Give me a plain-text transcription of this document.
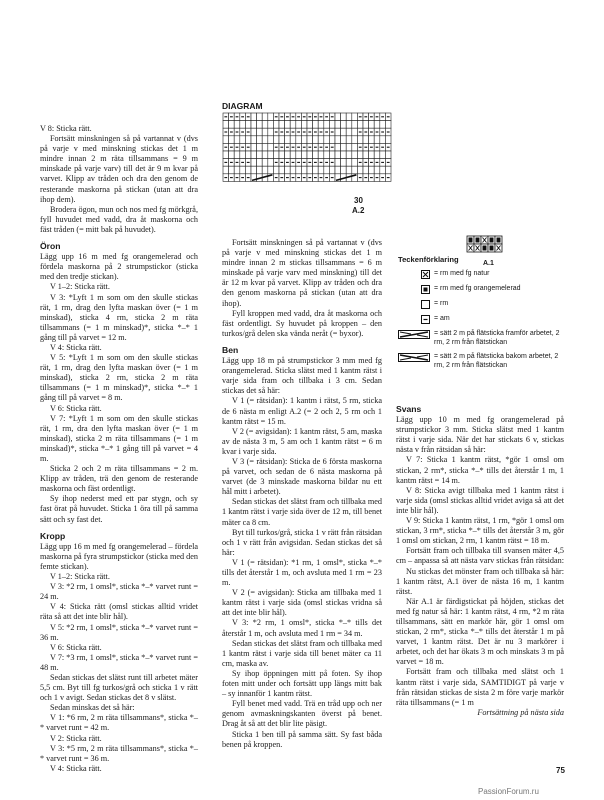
V 8: Sticka rätt.

Fortsätt minskningen så på vartannat v (dvs på varje v med minskning stickas det 1 m mindre innan 2 m räta tillsammans = 9 m minskade på varje varv) till det är 9 m kvar på varvet. Klipp av tråden och dra den genom de resterande maskorna på stickan (utan att dra ihop dem).

Brodera ögon, mun och nos med fg mörkgrå, fyll huvudet med vadd, dra åt maskorna och fäst tråden (= mitt bak på huvudet).

Öron

Lägg upp 16 m med fg orangemelerad och fördela maskorna på 2 strumpstickor (sticka med den tredje stickan).

V 1–2: Sticka rätt.

V 3: *Lyft 1 m som om den skulle stickas rät, 1 rm, drag den lyfta maskan över (= 1 m minskad), sticka 4 rm, sticka 2 m räta tillsammans (= 1 m minskad)*, sticka *–* 1 gång till på varvet = 12 m.

V 4: Sticka rätt.

V 5: *Lyft 1 m som om den skulle stickas rät, 1 rm, drag den lyfta maskan över (= 1 m minskad), sticka 2 rm, sticka 2 m räta tillsammans (= 1 m minskad)*, sticka *–* 1 gång till på varvet = 8 m.

V 6: Sticka rätt.

V 7: *Lyft 1 m som om den skulle stickas rät, 1 rm, dra den lyfta maskan över (= 1 m minskad), sticka 2 m räta tillsammans (= 1 m minskad)*, sticka *–* 1 gång till på varvet = 4 m.

Sticka 2 och 2 m räta tillsammans = 2 m. Klipp av tråden, trä den genom de resterande maskorna och fäst ordentligt.

Sy ihop nederst med ett par stygn, och sy fast örat på huvudet. Sticka 1 öra till på samma sätt och sy fast det.

Kropp

Lägg upp 16 m med fg orangemelerad – fördela maskorna på fyra strumpstickor (sticka med den femte stickan).

V 1–2: Sticka rätt.

V 3: *2 rm, 1 omsl*, sticka *–* varvet runt = 24 m.

V 4: Sticka rätt (omsl stickas alltid vridet räta så att det inte blir hål).

V 5: *2 rm, 1 omsl*, sticka *–* varvet runt = 36 m.

V 6: Sticka rätt.

V 7: *3 rm, 1 omsl*, sticka *–* varvet runt = 48 m.

Sedan stickas det slätst runt till arbetet mäter 5,5 cm. Byt till fg turkos/grå och sticka 1 v rätt och 1 v avigt. Sedan stickas det 8 v slätst.

Sedan minskas det så här:

V 1: *6 rm, 2 m räta tillsammans*, sticka *–* varvet runt = 42 m.

V 2: Sticka rätt.

V 3: *5 rm, 2 m räta tillsammans*, sticka *–* varvet runt = 36 m.

V 4: Sticka rätt.

DIAGRAM
30
A.2
A.1
Teckenförklaring
= rm med fg natur
= rm med fg orangemelerad
= rm
= am
= sätt 2 m på flätsticka framför arbetet, 2 rm, 2 rm från flätstickan
= sätt 2 m på flätsticka bakom arbetet, 2 rm, 2 rm från flätstickan

Fortsätt minskningen så på vartannat v (dvs på varje v med minskning stickas det 1 m mindre innan 2 m stickas tillsammans = 6 m minskade på varje varv med minskning) till det är 12 m kvar på varvet. Klipp av tråden och dra den genom maskorna på stickan (utan att dra ihop).

Fyll kroppen med vadd, dra åt maskorna och fäst ordentligt. Sy huvudet på kroppen – den turkos/grå delen ska vända neråt (= byxor).

Ben

Lägg upp 18 m på strumpstickor 3 mm med fg orangemelerad. Sticka slätst med 1 kantm rätst i varje sida fram och tillbaka i 3 cm. Sedan stickas det så här:

V 1 (= rätsidan): 1 kantm i rätst, 5 rm, sticka de 6 nästa m enligt A.2 (= 2 och 2, 5 rm och 1 kantm rätst = 15 m.

V 2 (= avigsidan): 1 kantm rätst, 5 am, maska av de nästa 3 m, 5 am och 1 kantm rätst = 6 m kvar i varje sida.

V 3 (= rätsidan): Sticka de 6 första maskorna på varvet, och sedan de 6 nästa maskorna på varvet (de 3 minskade maskorna bildar nu ett hål mitt i arbetet).

Sedan stickas det slätst fram och tillbaka med 1 kantm rätst i varje sida över de 12 m, till benet mäter ca 8 cm.

Byt till turkos/grå, sticka 1 v rätt från rätsidan och 1 v rätt från avigsidan. Sedan stickas det så här:

V 1 (= rätsidan): *1 rm, 1 omsl*, sticka *–* tills det återstår 1 m, och avsluta med 1 rm = 23 m.

V 2 (= avigsidan): Sticka am tillbaka med 1 kantm rätst i varje sida (omsl stickas vridna så att det inte blir hål).

V 3: *2 rm, 1 omsl*, sticka *–* tills det återstår 1 m, och avsluta med 1 rm = 34 m.

Sedan stickas det slätst fram och tillbaka med 1 kantm rätst i varje sida till benet mäter ca 11 cm, maska av.

Sy ihop öppningen mitt på foten. Sy ihop foten mitt under och fortsätt upp längs mitt bak – sy innanför 1 kantm rätst.

Fyll benet med vadd. Trä en tråd upp och ner genom avmaskningskanten överst på benet. Drag åt så att det blir lite päsigt.

Sticka 1 ben till på samma sätt. Sy fast båda benen på kroppen.

Svans

Lägg upp 10 m med fg orangemelerad på strumpstickor 3 mm. Sticka slätst med 1 kantm rätst i varje sida. När det har stickats 6 v, stickas nästa v från rätsidan så här:

V 7: Sticka 1 kantm rätst, *gör 1 omsl om stickan, 2 rm*, sticka *–* tills det återstår 1 m, 1 kantm rätst = 14 m.

V 8: Sticka avigt tillbaka med 1 kantm rätst i varje sida (omsl stickas alltid vridet aviga så att det inte blir hål).

V 9: Sticka 1 kantm rätst, 1 rm, *gör 1 omsl om stickan, 3 rm*, sticka *–* tills det återstår 3 m, gör 1 omsl om stickan, 2 rm, 1 kantm rätst = 18 m.

Fortsätt fram och tillbaka till svansen mäter 4,5 cm – anpassa så att nästa varv stickas från rätsidan:

Nu stickas det mönster fram och tillbaka så här: 1 kantm rätst, A.1 över de nästa 16 m, 1 kantm rätst.

När A.1 är färdigstickat på höjden, stickas det med fg natur så här: 1 kantm rätst, 4 rm, *2 m räta tillsammans, sätt en markör här, gör 1 omsl om stickan, 2 rm*, sticka *–* tills det återstår 1 m på varvet, 1 kantm rätst. Det är nu 3 markörer i arbetet, och det har ökats 3 m och minskats 3 m på varvet = 18 m.

Fortsätt fram och tillbaka med slätst och 1 kantm rätst i varje sida, SAMTIDIGT på varje v från rätsidan stickas de sista 2 m före varje markör räta tillsammans (= 1 m

Fortsättning på nästa sida

75
PassionForum.ru
